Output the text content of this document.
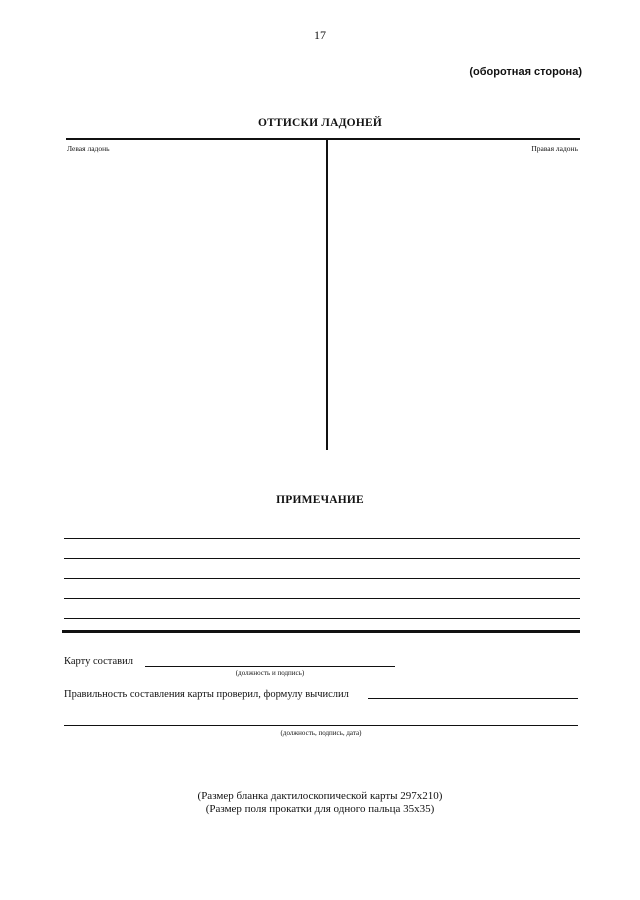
17
(оборотная сторона)
ОТТИСКИ ЛАДОНЕЙ
Левая ладонь	Правая ладонь
ПРИМЕЧАНИЕ
Карту составил
(должность и подпись)
Правильность составления карты проверил, формулу вычислил
(должность, подпись, дата)
(Размер бланка дактилоскопической карты 297х210)
(Размер поля прокатки для одного пальца 35х35)
